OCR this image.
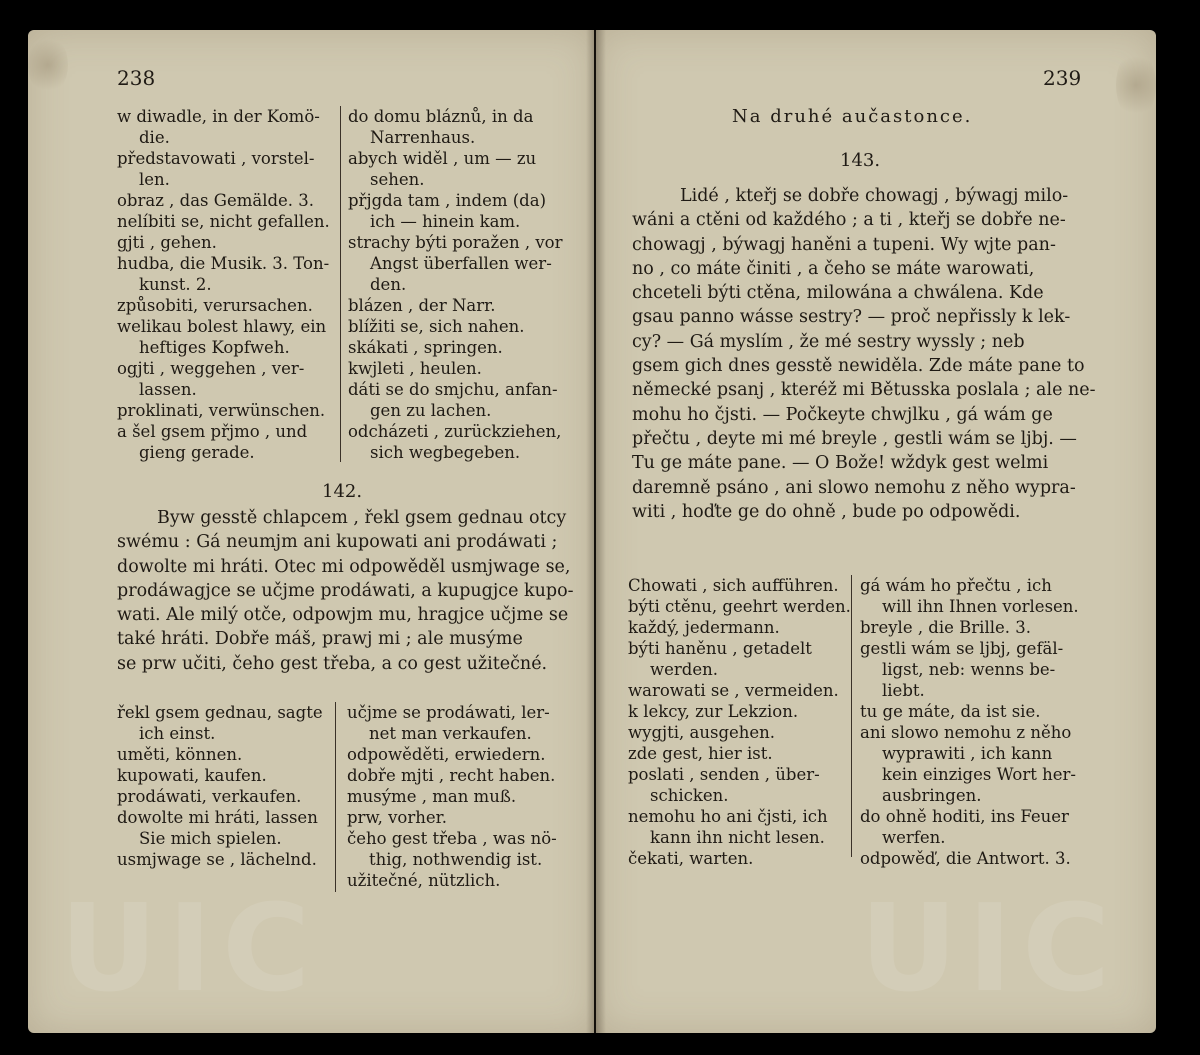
238
w diwadle, in der Komö-
die.
představowati , vorstel-
len.
obraz , das Gemälde. 3.
nelíbiti se, nicht gefallen.
gjti , gehen.
hudba, die Musik. 3. Ton-
kunst. 2.
způsobiti, verursachen.
welikau bolest hlawy, ein
heftiges Kopfweh.
ogjti , weggehen , ver-
lassen.
proklinati, verwünschen.
a šel gsem přjmo , und
gieng gerade.
do domu bláznů, in da
Narrenhaus.
abych widěl , um — zu
sehen.
přjgda tam , indem (da)
ich — hinein kam.
strachy býti poražen , vor
Angst überfallen wer-
den.
blázen , der Narr.
blížiti se, sich nahen.
skákati , springen.
kwjleti , heulen.
dáti se do smjchu, anfan-
gen zu lachen.
odcházeti , zurückziehen,
sich wegbegeben.
142.
Byw gesstě chlapcem , řekl gsem gednau otcy
swému : Gá neumjm ani kupowati ani prodáwati ;
dowolte mi hráti. Otec mi odpowěděl usmjwage se,
prodáwagjce se učjme prodáwati, a kupugjce kupo-
wati. Ale milý otče, odpowjm mu, hragjce učjme se
také hráti. Dobře máš, prawj mi ; ale musýme
se prw učiti, čeho gest třeba, a co gest užitečné.
řekl gsem gednau, sagte
ich einst.
uměti, können.
kupowati, kaufen.
prodáwati, verkaufen.
dowolte mi hráti, lassen
Sie mich spielen.
usmjwage se , lächelnd.
učjme se prodáwati, ler-
net man verkaufen.
odpowěděti, erwiedern.
dobře mjti , recht haben.
musýme , man muß.
prw, vorher.
čeho gest třeba , was nö-
thig, nothwendig ist.
užitečné, nützlich.
UIC
239
Na druhé aučastonce.
143.
Lidé , kteřj se dobře chowagj , býwagj milo-
wáni a ctěni od každého ; a ti , kteřj se dobře ne-
chowagj , býwagj haněni a tupeni. Wy wjte pan-
no , co máte činiti , a čeho se máte warowati,
chceteli býti ctěna, milowána a chwálena. Kde
gsau panno wásse sestry? — proč nepřissly k lek-
cy? — Gá myslím , že mé sestry wyssly ; neb
gsem gich dnes gesstě newiděla. Zde máte pane to
německé psanj , kteréž mi Bětusska poslala ; ale ne-
mohu ho čjsti. — Počkeyte chwjlku , gá wám ge
přečtu , deyte mi mé breyle , gestli wám se ljbj. —
Tu ge máte pane. — O Bože! wždyk gest welmi
daremně psáno , ani slowo nemohu z něho wypra-
witi , hoďte ge do ohně , bude po odpowědi.
Chowati , sich aufführen.
býti ctěnu, geehrt werden.
každý, jedermann.
býti haněnu , getadelt
werden.
warowati se , vermeiden.
k lekcy, zur Lekzion.
wygjti, ausgehen.
zde gest, hier ist.
poslati , senden , über-
schicken.
nemohu ho ani čjsti, ich
kann ihn nicht lesen.
čekati, warten.
gá wám ho přečtu , ich
will ihn Ihnen vorlesen.
breyle , die Brille. 3.
gestli wám se ljbj, gefäl-
ligst, neb: wenns be-
liebt.
tu ge máte, da ist sie.
ani slowo nemohu z něho
wyprawiti , ich kann
kein einziges Wort her-
ausbringen.
do ohně hoditi, ins Feuer
werfen.
odpowěď, die Antwort. 3.
UIC
